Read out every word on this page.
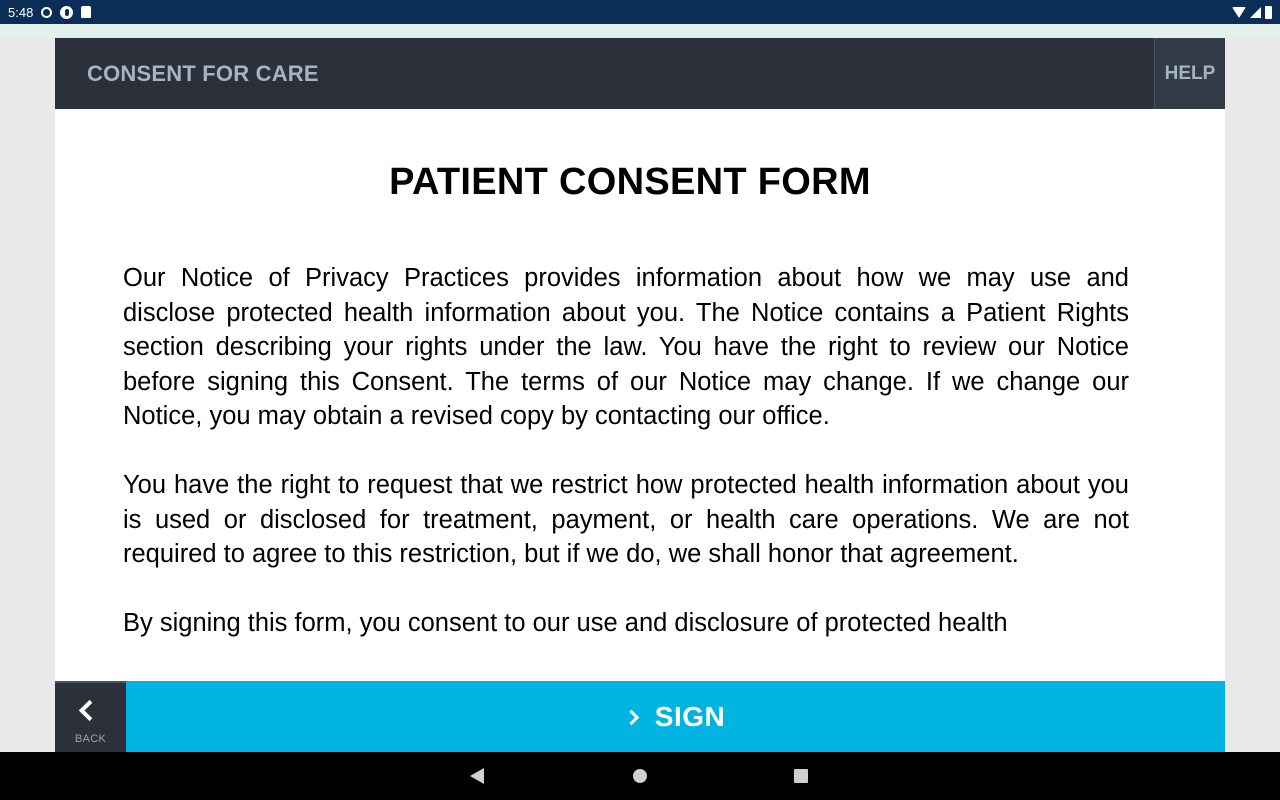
5:48
CONSENT FOR CARE	HELP
PATIENT CONSENT FORM

Our Notice of Privacy Practices provides information about how we may use and disclose protected health information about you. The Notice contains a Patient Rights section describing your rights under the law. You have the right to review our Notice before signing this Consent. The terms of our Notice may change. If we change our Notice, you may obtain a revised copy by contacting our office.

You have the right to request that we restrict how protected health information about you is used or disclosed for treatment, payment, or health care operations. We are not required to agree to this restriction, but if we do, we shall honor that agreement.

By signing this form, you consent to our use and disclosure of protected health

BACK
SIGN
